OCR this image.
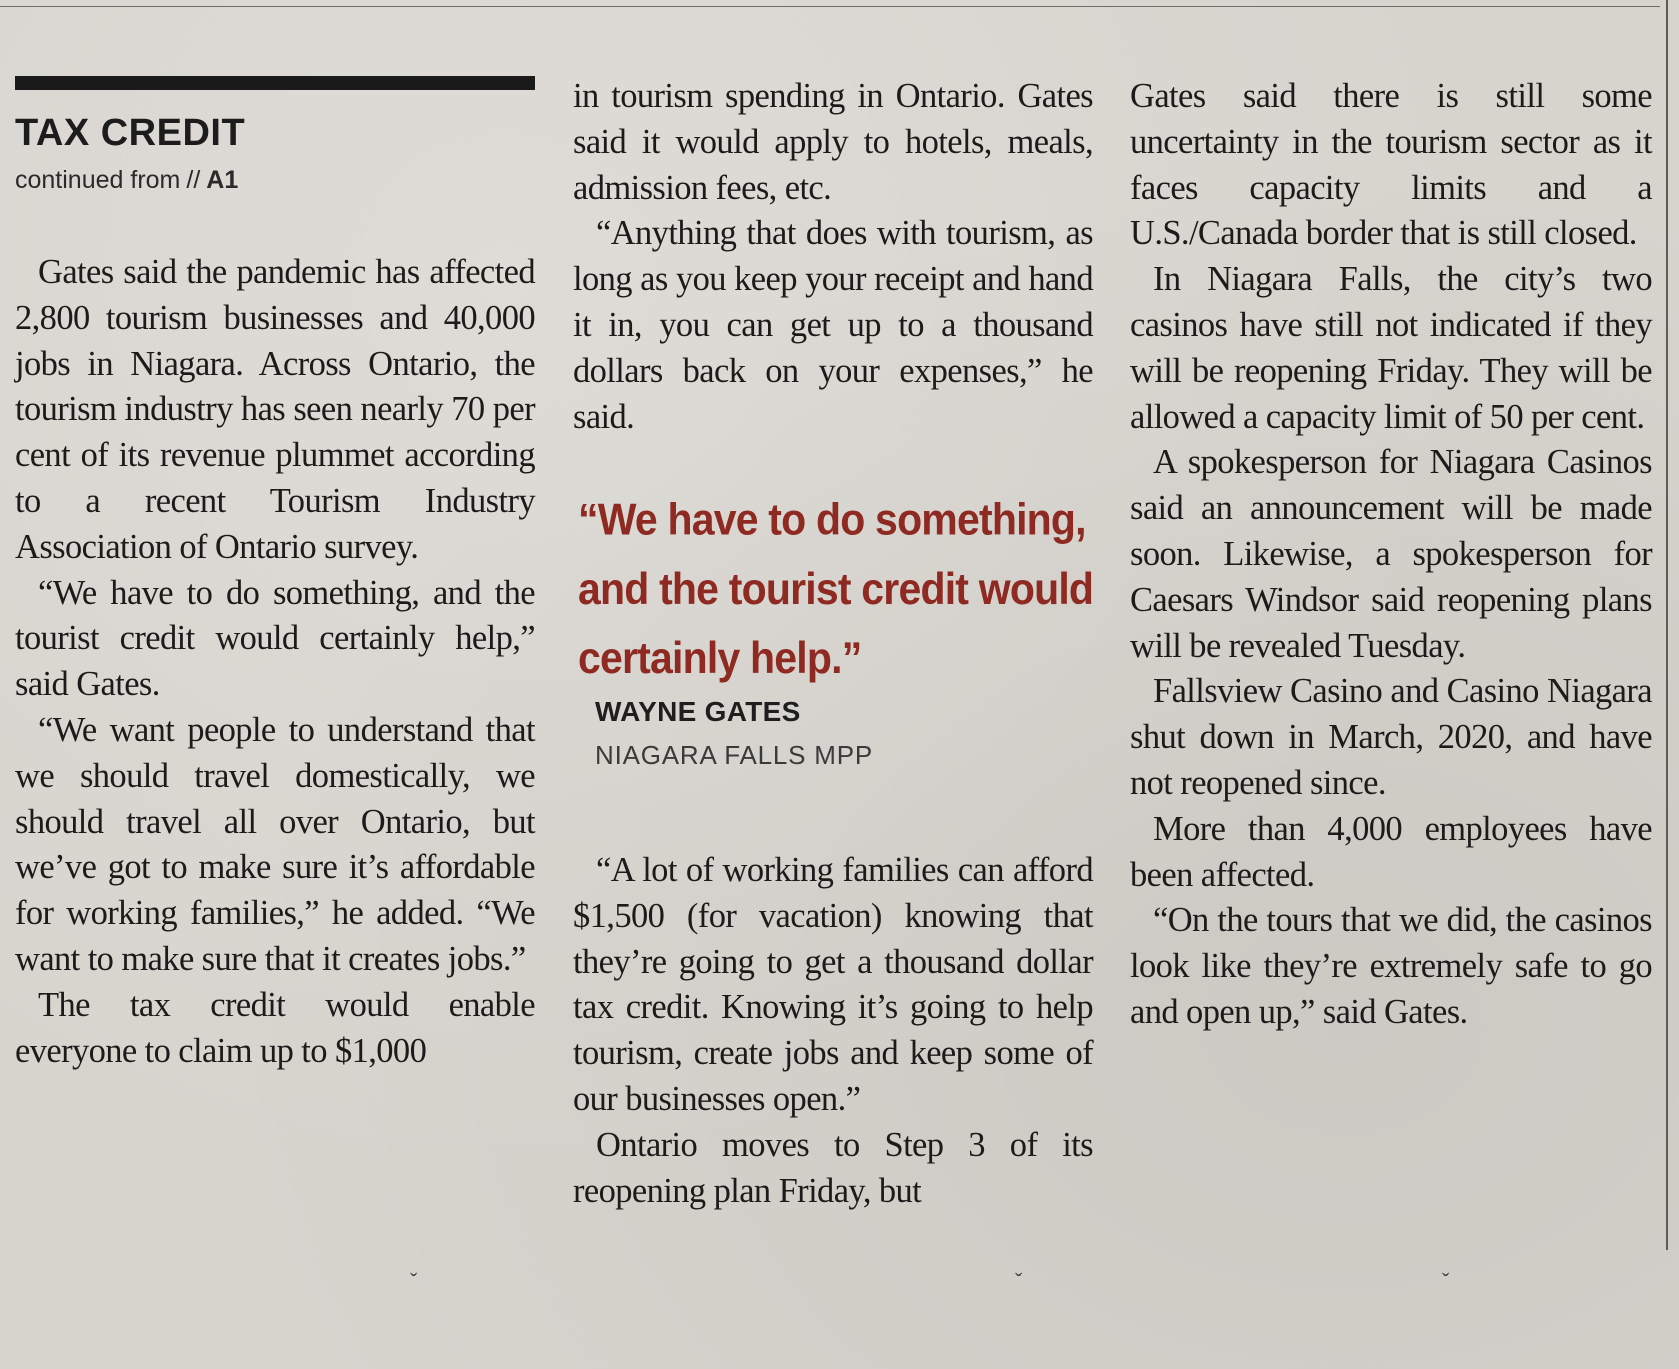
TAX CREDIT
continued from // A1

Gates said the pandemic has affected 2,800 tourism businesses and 40,000 jobs in Niagara. Across Ontario, the tourism industry has seen nearly 70 per cent of its revenue plummet according to a recent Tourism Industry Association of Ontario survey.

“We have to do something, and the tourist credit would certainly help,” said Gates.

“We want people to understand that we should travel domestically, we should travel all over Ontario, but we’ve got to make sure it’s affordable for working families,” he added. “We want to make sure that it creates jobs.”

The tax credit would enable everyone to claim up to $1,000

in tourism spending in Ontario. Gates said it would apply to hotels, meals, admission fees, etc.

“Anything that does with tourism, as long as you keep your receipt and hand it in, you can get up to a thousand dollars back on your expenses,” he said.

“A lot of working families can afford $1,500 (for vacation) knowing that they’re going to get a thousand dollar tax credit. Knowing it’s going to help tourism, create jobs and keep some of our businesses open.”

Ontario moves to Step 3 of its reopening plan Friday, but

“We have to do something, and the tourist credit would certainly help.”
WAYNE GATES
NIAGARA FALLS MPP

Gates said there is still some uncertainty in the tourism sector as it faces capacity limits and a U.S./Canada border that is still closed.

In Niagara Falls, the city’s two casinos have still not indicated if they will be reopening Friday. They will be allowed a capacity limit of 50 per cent.

A spokesperson for Niagara Casinos said an announcement will be made soon. Likewise, a spokesperson for Caesars Windsor said reopening plans will be revealed Tuesday.

Fallsview Casino and Casino Niagara shut down in March, 2020, and have not reopened since.

More than 4,000 employees have been affected.

“On the tours that we did, the casinos look like they’re extremely safe to go and open up,” said Gates.

ˇ	ˇ	ˇ
